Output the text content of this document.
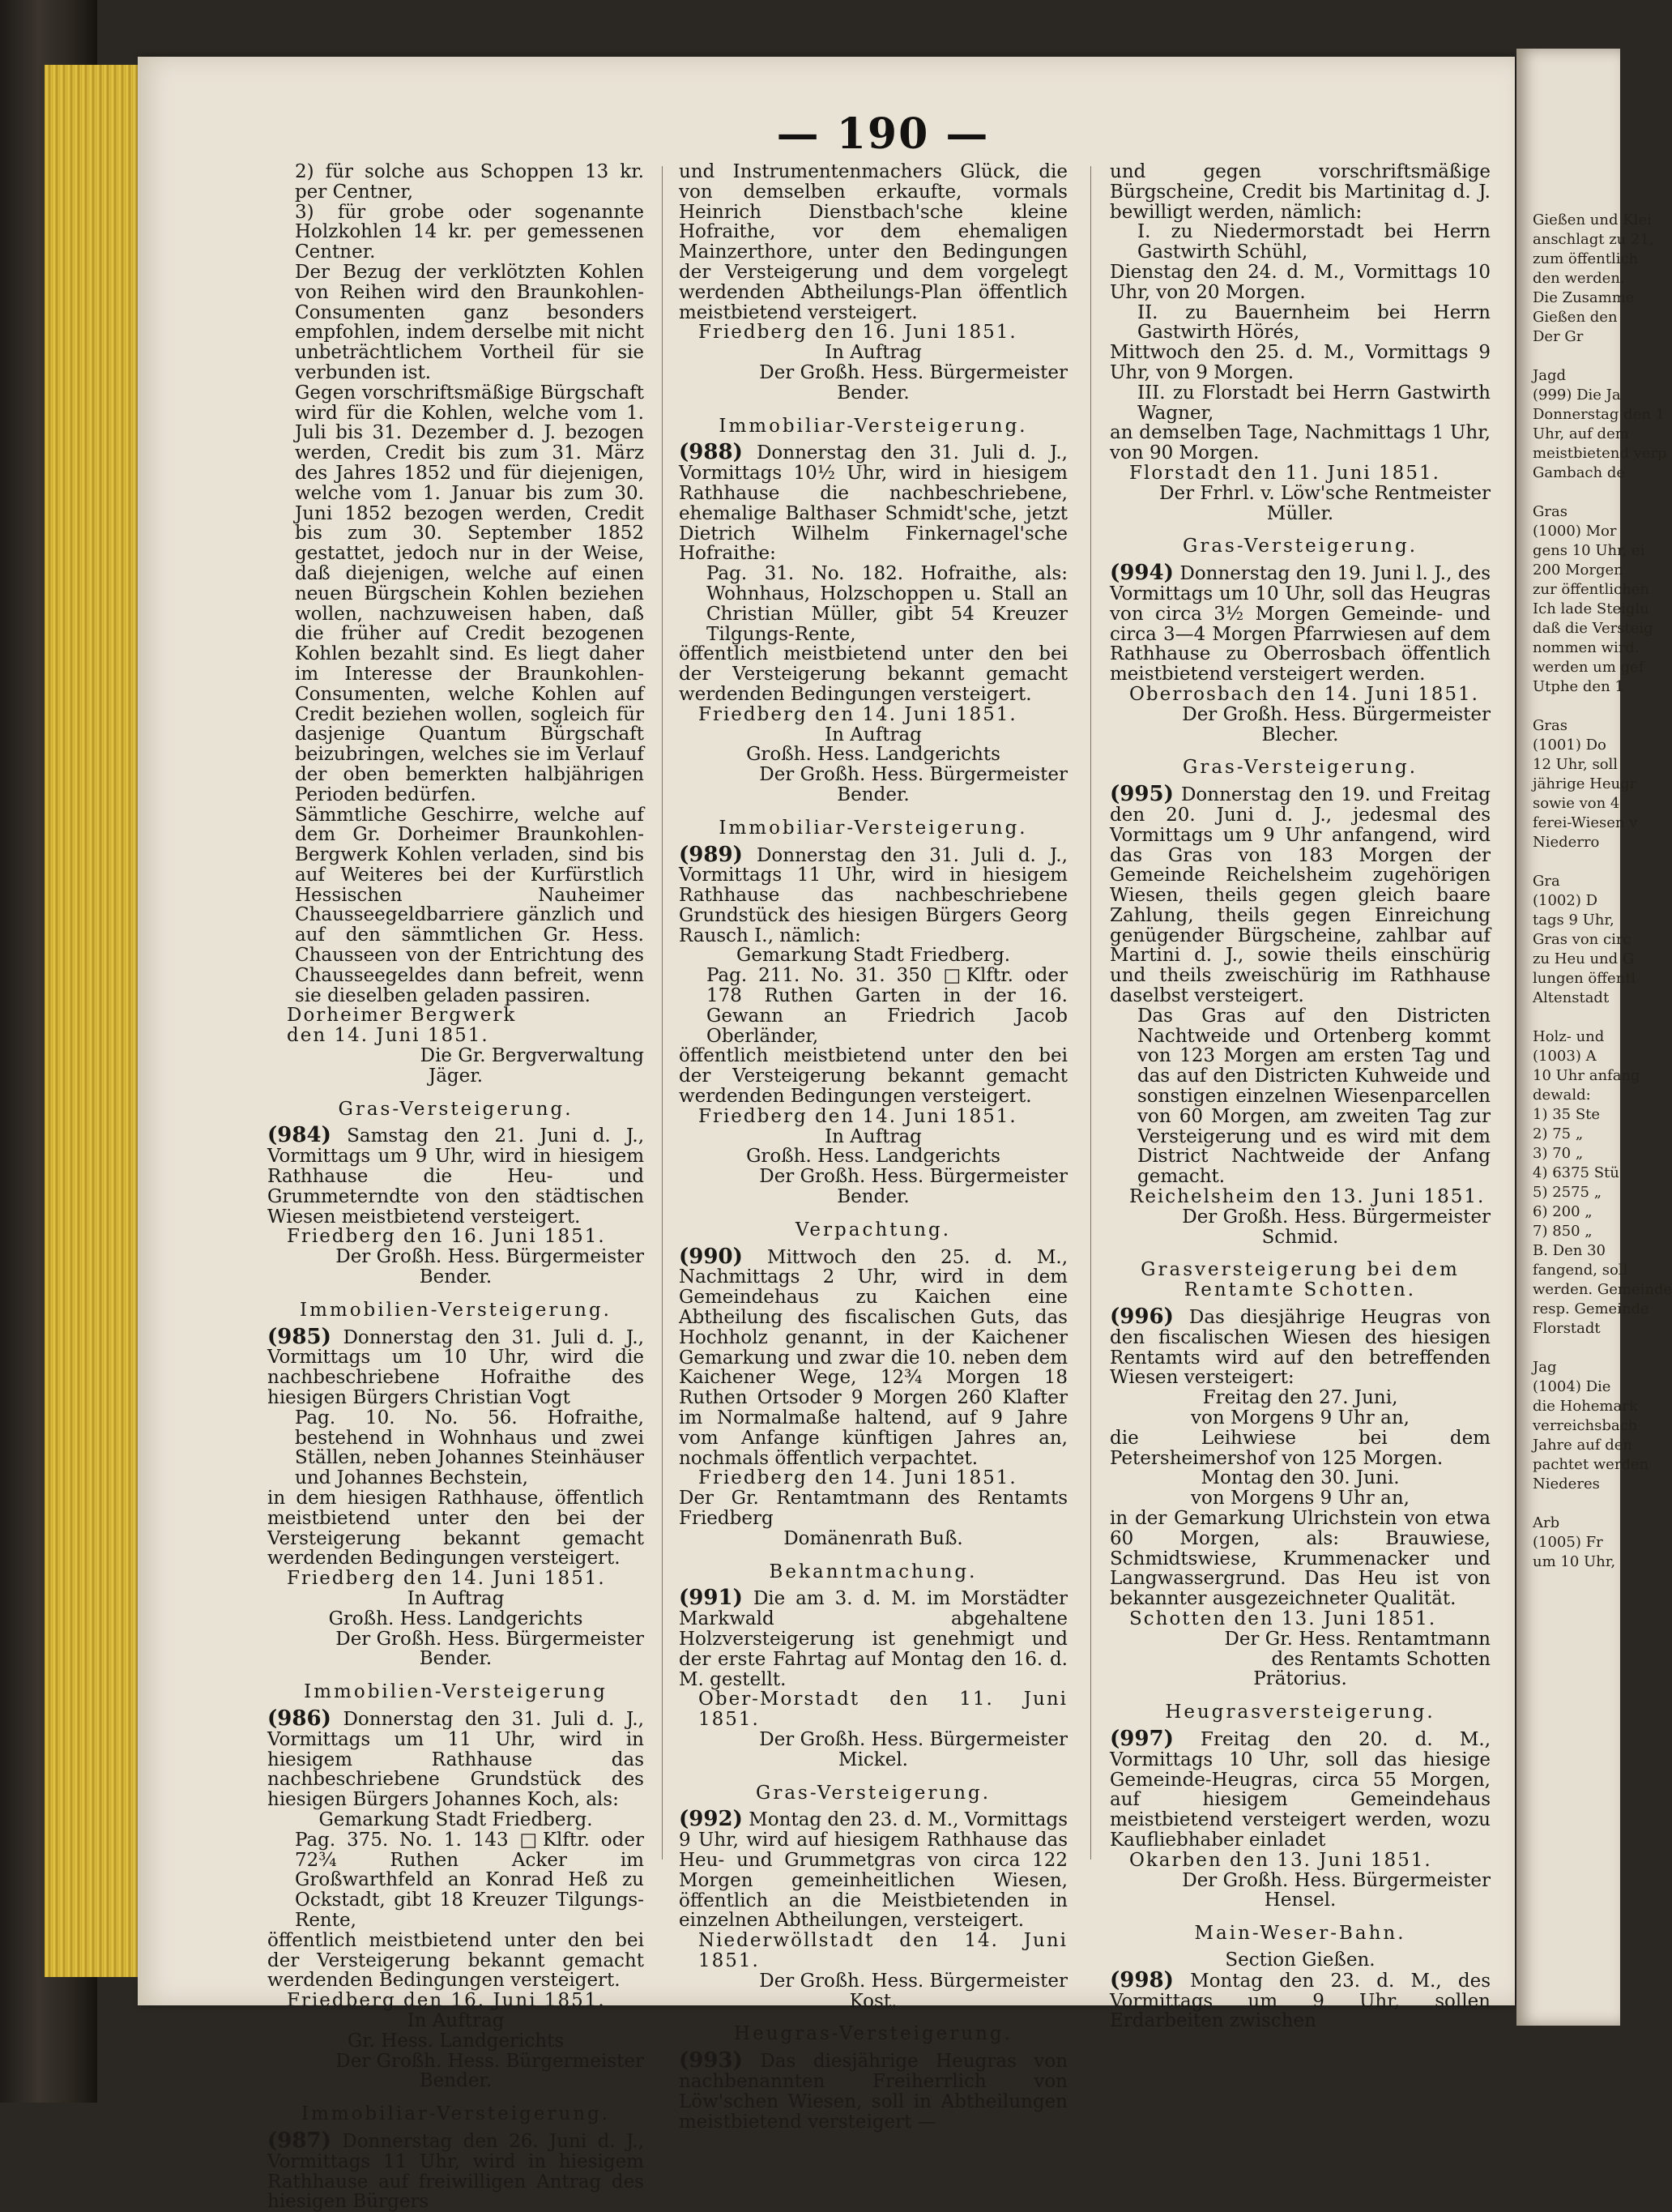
Gießen und Klei
anschlagt zu 21,
zum öffentlich
den werden.
Die Zusamme
Gießen den
Der Gr

Jagd
(999) Die Ja
Donnerstag den 1
Uhr, auf dem
meistbietend verp
Gambach de

Gras
(1000) Mor
gens 10 Uhr, ei
200 Morgen
zur öffentlichen
Ich lade Steiglu
daß die Versteig
nommen wird.
werden um gef
Utphe den 1

Gras
(1001) Do
12 Uhr, soll
jährige Heugr
sowie von 4
ferei-Wiesen v
Niederro

Gra
(1002) D
tags 9 Uhr,
Gras von circ
zu Heu und G
lungen öffentl
Altenstadt

Holz- und
(1003) A
10 Uhr anfang
dewald:
1) 35 Ste
2) 75 „
3) 70 „
4) 6375 Stü
5) 2575 „
6) 200 „
7) 850 „
B. Den 30
fangend, soll
werden. Gemeinde
resp. Gemeinde
Florstadt

Jag
(1004) Die
die Hohemark
verreichsbach
Jahre auf den
pachtet werden
Niederes

Arb
(1005) Fr
um 10 Uhr,
— 190 —

2) für solche aus Schoppen 13 kr. per Centner,

3) für grobe oder sogenannte Holzkohlen 14 kr. per gemessenen Centner.

Der Bezug der verklötzten Kohlen von Reihen wird den Braunkohlen-Consumenten ganz besonders empfohlen, indem derselbe mit nicht unbeträchtlichem Vortheil für sie verbunden ist.

Gegen vorschriftsmäßige Bürgschaft wird für die Kohlen, welche vom 1. Juli bis 31. Dezember d. J. bezogen werden, Credit bis zum 31. März des Jahres 1852 und für diejenigen, welche vom 1. Januar bis zum 30. Juni 1852 bezogen werden, Credit bis zum 30. September 1852 gestattet, jedoch nur in der Weise, daß diejenigen, welche auf einen neuen Bürgschein Kohlen beziehen wollen, nachzuweisen haben, daß die früher auf Credit bezogenen Kohlen bezahlt sind. Es liegt daher im Interesse der Braunkohlen-Consumenten, welche Kohlen auf Credit beziehen wollen, sogleich für dasjenige Quantum Bürgschaft beizubringen, welches sie im Verlauf der oben bemerkten halbjährigen Perioden bedürfen.

Sämmtliche Geschirre, welche auf dem Gr. Dorheimer Braunkohlen-Bergwerk Kohlen verladen, sind bis auf Weiteres bei der Kurfürstlich Hessischen Nauheimer Chausseegeldbarriere gänzlich und auf den sämmtlichen Gr. Hess. Chausseen von der Entrichtung des Chausseegeldes dann befreit, wenn sie dieselben geladen passiren.

Dorheimer Bergwerk

den 14. Juni 1851.

Die Gr. Bergverwaltung

Jäger.

Gras-Versteigerung.

(984) Samstag den 21. Juni d. J., Vormittags um 9 Uhr, wird in hiesigem Rathhause die Heu- und Grummeterndte von den städtischen Wiesen meistbietend versteigert.

Friedberg den 16. Juni 1851.

Der Großh. Hess. Bürgermeister

Bender.

Immobilien-Versteigerung.

(985) Donnerstag den 31. Juli d. J., Vormittags um 10 Uhr, wird die nachbeschriebene Hofraithe des hiesigen Bürgers Christian Vogt

Pag. 10. No. 56. Hofraithe, bestehend in Wohnhaus und zwei Ställen, neben Johannes Steinhäuser und Johannes Bechstein,

in dem hiesigen Rathhause, öffentlich meistbietend unter den bei der Versteigerung bekannt gemacht werdenden Bedingungen versteigert.

Friedberg den 14. Juni 1851.

In Auftrag

Großh. Hess. Landgerichts

Der Großh. Hess. Bürgermeister

Bender.

Immobilien-Versteigerung

(986) Donnerstag den 31. Juli d. J., Vormittags um 11 Uhr, wird in hiesigem Rathhause das nachbeschriebene Grundstück des hiesigen Bürgers Johannes Koch, als:

Gemarkung Stadt Friedberg.

Pag. 375. No. 1. 143 □Klftr. oder 72¾ Ruthen Acker im Großwarthfeld an Konrad Heß zu Ockstadt, gibt 18 Kreuzer Tilgungs-Rente,

öffentlich meistbietend unter den bei der Versteigerung bekannt gemacht werdenden Bedingungen versteigert.

Friedberg den 16. Juni 1851.

In Auftrag

Gr. Hess. Landgerichts

Der Großh. Hess. Bürgermeister

Bender.

Immobiliar-Versteigerung.

(987) Donnerstag den 26. Juni d. J., Vormittags 11 Uhr, wird in hiesigem Rathhause auf freiwilligen Antrag des hiesigen Bürgers

und Instrumentenmachers Glück, die von demselben erkaufte, vormals Heinrich Dienstbach'sche kleine Hofraithe, vor dem ehemaligen Mainzerthore, unter den Bedingungen der Versteigerung und dem vorgelegt werdenden Abtheilungs-Plan öffentlich meistbietend versteigert.

Friedberg den 16. Juni 1851.

In Auftrag

Der Großh. Hess. Bürgermeister

Bender.

Immobiliar-Versteigerung.

(988) Donnerstag den 31. Juli d. J., Vormittags 10½ Uhr, wird in hiesigem Rathhause die nachbeschriebene, ehemalige Balthaser Schmidt'sche, jetzt Dietrich Wilhelm Finkernagel'sche Hofraithe:

Pag. 31. No. 182. Hofraithe, als: Wohnhaus, Holzschoppen u. Stall an Christian Müller, gibt 54 Kreuzer Tilgungs-Rente,

öffentlich meistbietend unter den bei der Versteigerung bekannt gemacht werdenden Bedingungen versteigert.

Friedberg den 14. Juni 1851.

In Auftrag

Großh. Hess. Landgerichts

Der Großh. Hess. Bürgermeister

Bender.

Immobiliar-Versteigerung.

(989) Donnerstag den 31. Juli d. J., Vormittags 11 Uhr, wird in hiesigem Rathhause das nachbeschriebene Grundstück des hiesigen Bürgers Georg Rausch I., nämlich:

Gemarkung Stadt Friedberg.

Pag. 211. No. 31. 350 □Klftr. oder 178 Ruthen Garten in der 16. Gewann an Friedrich Jacob Oberländer,

öffentlich meistbietend unter den bei der Versteigerung bekannt gemacht werdenden Bedingungen versteigert.

Friedberg den 14. Juni 1851.

In Auftrag

Großh. Hess. Landgerichts

Der Großh. Hess. Bürgermeister

Bender.

Verpachtung.

(990) Mittwoch den 25. d. M., Nachmittags 2 Uhr, wird in dem Gemeindehaus zu Kaichen eine Abtheilung des fiscalischen Guts, das Hochholz genannt, in der Kaichener Gemarkung und zwar die 10. neben dem Kaichener Wege, 12¾ Morgen 18 Ruthen Ortsoder 9 Morgen 260 Klafter im Normalmaße haltend, auf 9 Jahre vom Anfange künftigen Jahres an, nochmals öffentlich verpachtet.

Friedberg den 14. Juni 1851.

Der Gr. Rentamtmann des Rentamts Friedberg

Domänenrath Buß.

Bekanntmachung.

(991) Die am 3. d. M. im Morstädter Markwald abgehaltene Holzversteigerung ist genehmigt und der erste Fahrtag auf Montag den 16. d. M. gestellt.

Ober-Morstadt den 11. Juni 1851.

Der Großh. Hess. Bürgermeister

Mickel.

Gras-Versteigerung.

(992) Montag den 23. d. M., Vormittags 9 Uhr, wird auf hiesigem Rathhause das Heu- und Grummetgras von circa 122 Morgen gemeinheitlichen Wiesen, öffentlich an die Meistbietenden in einzelnen Abtheilungen, versteigert.

Niederwöllstadt den 14. Juni 1851.

Der Großh. Hess. Bürgermeister

Kost.

Heugras-Versteigerung.

(993) Das diesjährige Heugras von nachbenannten Freiherrlich von Löw'schen Wiesen, soll in Abtheilungen meistbietend versteigert —

und gegen vorschriftsmäßige Bürgscheine, Credit bis Martinitag d. J. bewilligt werden, nämlich:

I. zu Niedermorstadt bei Herrn Gastwirth Schühl,

Dienstag den 24. d. M., Vormittags 10 Uhr, von 20 Morgen.

II. zu Bauernheim bei Herrn Gastwirth Hörés,

Mittwoch den 25. d. M., Vormittags 9 Uhr, von 9 Morgen.

III. zu Florstadt bei Herrn Gastwirth Wagner,

an demselben Tage, Nachmittags 1 Uhr, von 90 Morgen.

Florstadt den 11. Juni 1851.

Der Frhrl. v. Löw'sche Rentmeister

Müller.

Gras-Versteigerung.

(994) Donnerstag den 19. Juni l. J., des Vormittags um 10 Uhr, soll das Heugras von circa 3½ Morgen Gemeinde- und circa 3—4 Morgen Pfarrwiesen auf dem Rathhause zu Oberrosbach öffentlich meistbietend versteigert werden.

Oberrosbach den 14. Juni 1851.

Der Großh. Hess. Bürgermeister

Blecher.

Gras-Versteigerung.

(995) Donnerstag den 19. und Freitag den 20. Juni d. J., jedesmal des Vormittags um 9 Uhr anfangend, wird das Gras von 183 Morgen der Gemeinde Reichelsheim zugehörigen Wiesen, theils gegen gleich baare Zahlung, theils gegen Einreichung genügender Bürgscheine, zahlbar auf Martini d. J., sowie theils einschürig und theils zweischürig im Rathhause daselbst versteigert.

Das Gras auf den Districten Nachtweide und Ortenberg kommt von 123 Morgen am ersten Tag und das auf den Districten Kuhweide und sonstigen einzelnen Wiesenparcellen von 60 Morgen, am zweiten Tag zur Versteigerung und es wird mit dem District Nachtweide der Anfang gemacht.

Reichelsheim den 13. Juni 1851.

Der Großh. Hess. Bürgermeister

Schmid.

Grasversteigerung bei dem Rentamte Schotten.

(996) Das diesjährige Heugras von den fiscalischen Wiesen des hiesigen Rentamts wird auf den betreffenden Wiesen versteigert:

Freitag den 27. Juni,

von Morgens 9 Uhr an,

die Leihwiese bei dem Petersheimershof von 125 Morgen.

Montag den 30. Juni.

von Morgens 9 Uhr an,

in der Gemarkung Ulrichstein von etwa 60 Morgen, als: Brauwiese, Schmidtswiese, Krummenacker und Langwassergrund. Das Heu ist von bekannter ausgezeichneter Qualität.

Schotten den 13. Juni 1851.

Der Gr. Hess. Rentamtmann

des Rentamts Schotten

Prätorius.

Heugrasversteigerung.

(997) Freitag den 20. d. M., Vormittags 10 Uhr, soll das hiesige Gemeinde-Heugras, circa 55 Morgen, auf hiesigem Gemeindehaus meistbietend versteigert werden, wozu Kaufliebhaber einladet

Okarben den 13. Juni 1851.

Der Großh. Hess. Bürgermeister

Hensel.

Main-Weser-Bahn.

Section Gießen.

(998) Montag den 23. d. M., des Vormittags um 9 Uhr, sollen Erdarbeiten zwischen
